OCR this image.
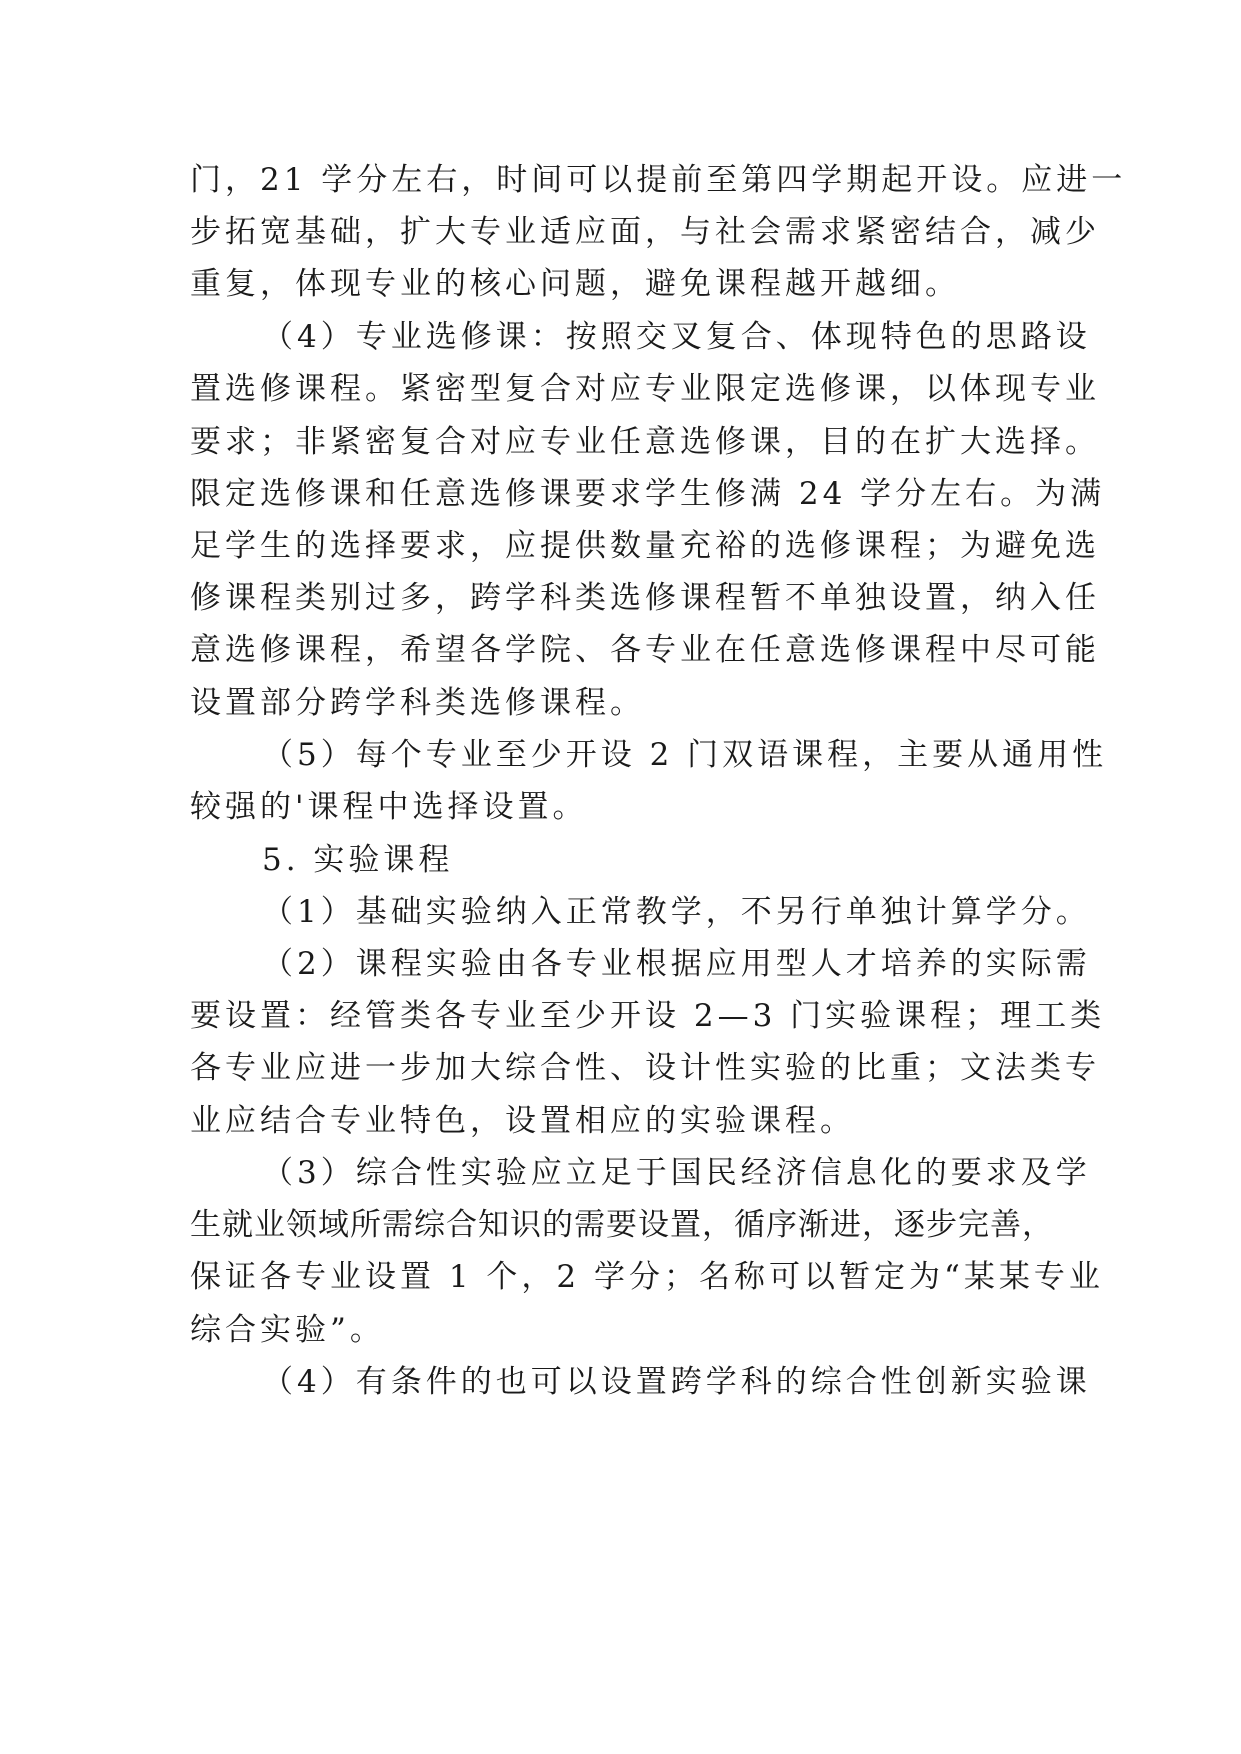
门，21 学分左右，时间可以提前至第四学期起开设。应进一
步拓宽基础，扩大专业适应面，与社会需求紧密结合，减少
重复，体现专业的核心问题，避免课程越开越细。
（4）专业选修课：按照交叉复合、体现特色的思路设
置选修课程。紧密型复合对应专业限定选修课，以体现专业
要求；非紧密复合对应专业任意选修课，目的在扩大选择。
限定选修课和任意选修课要求学生修满 24 学分左右。为满
足学生的选择要求，应提供数量充裕的选修课程；为避免选
修课程类别过多，跨学科类选修课程暂不单独设置，纳入任
意选修课程，希望各学院、各专业在任意选修课程中尽可能
设置部分跨学科类选修课程。
（5）每个专业至少开设 2 门双语课程，主要从通用性
较强的'课程中选择设置。
5. 实验课程
（1）基础实验纳入正常教学，不另行单独计算学分。
（2）课程实验由各专业根据应用型人才培养的实际需
要设置：经管类各专业至少开设 2—3 门实验课程；理工类
各专业应进一步加大综合性、设计性实验的比重；文法类专
业应结合专业特色，设置相应的实验课程。
（3）综合性实验应立足于国民经济信息化的要求及学
生就业领域所需综合知识的需要设置，循序渐进，逐步完善，
保证各专业设置 1 个，2 学分；名称可以暂定为“某某专业
综合实验”。
（4）有条件的也可以设置跨学科的综合性创新实验课
